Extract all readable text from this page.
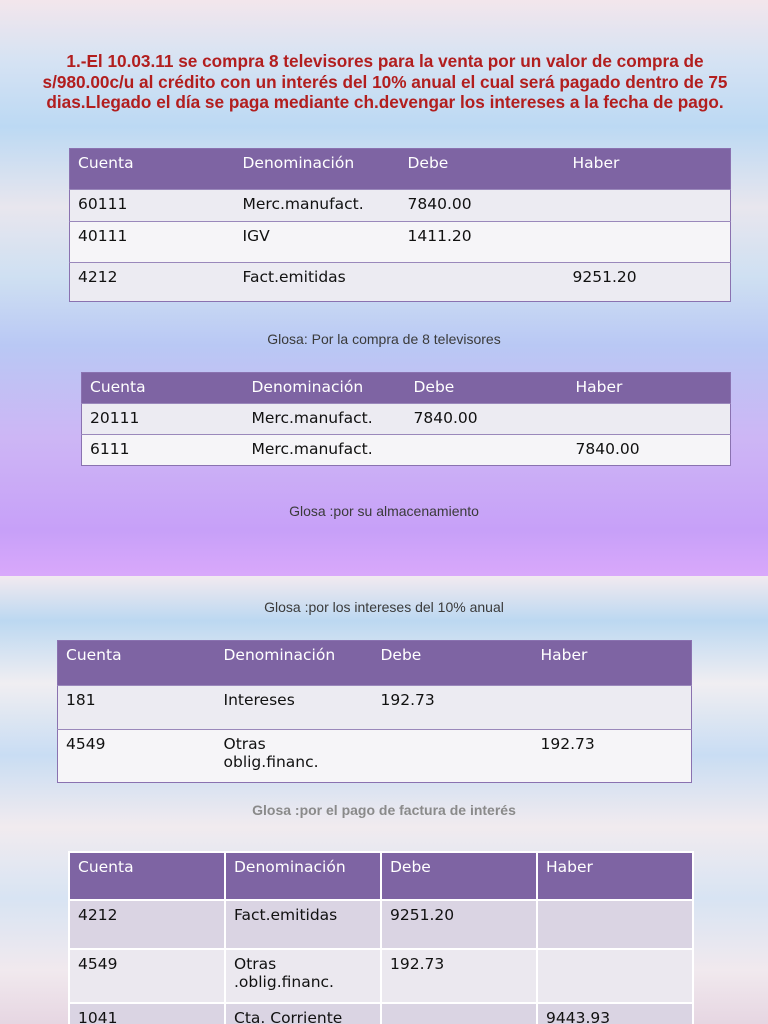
1.-El 10.03.11 se compra 8 televisores para la venta por un valor de compra de s/980.00c/u al crédito con un interés del 10% anual el cual será pagado dentro de 75 dias.Llegado el día se paga mediante ch.devengar los intereses a la fecha de pago.
Cuenta	Denominación	Debe	Haber
60111	Merc.manufact.	7840.00	
40111	IGV	1411.20	
4212	Fact.emitidas		9251.20
Glosa: Por la compra de 8 televisores
Cuenta	Denominación	Debe	Haber
20111	Merc.manufact.	7840.00	
6111	Merc.manufact.		7840.00
Glosa :por su almacenamiento
Glosa :por los intereses del 10% anual
Cuenta	Denominación	Debe	Haber
181	Intereses	192.73	
4549	Otras oblig.financ.		192.73
Glosa :por el pago de factura de interés
Cuenta	Denominación	Debe	Haber
4212	Fact.emitidas	9251.20	
4549	Otras .oblig.financ.	192.73	
1041	Cta. Corriente		9443.93
